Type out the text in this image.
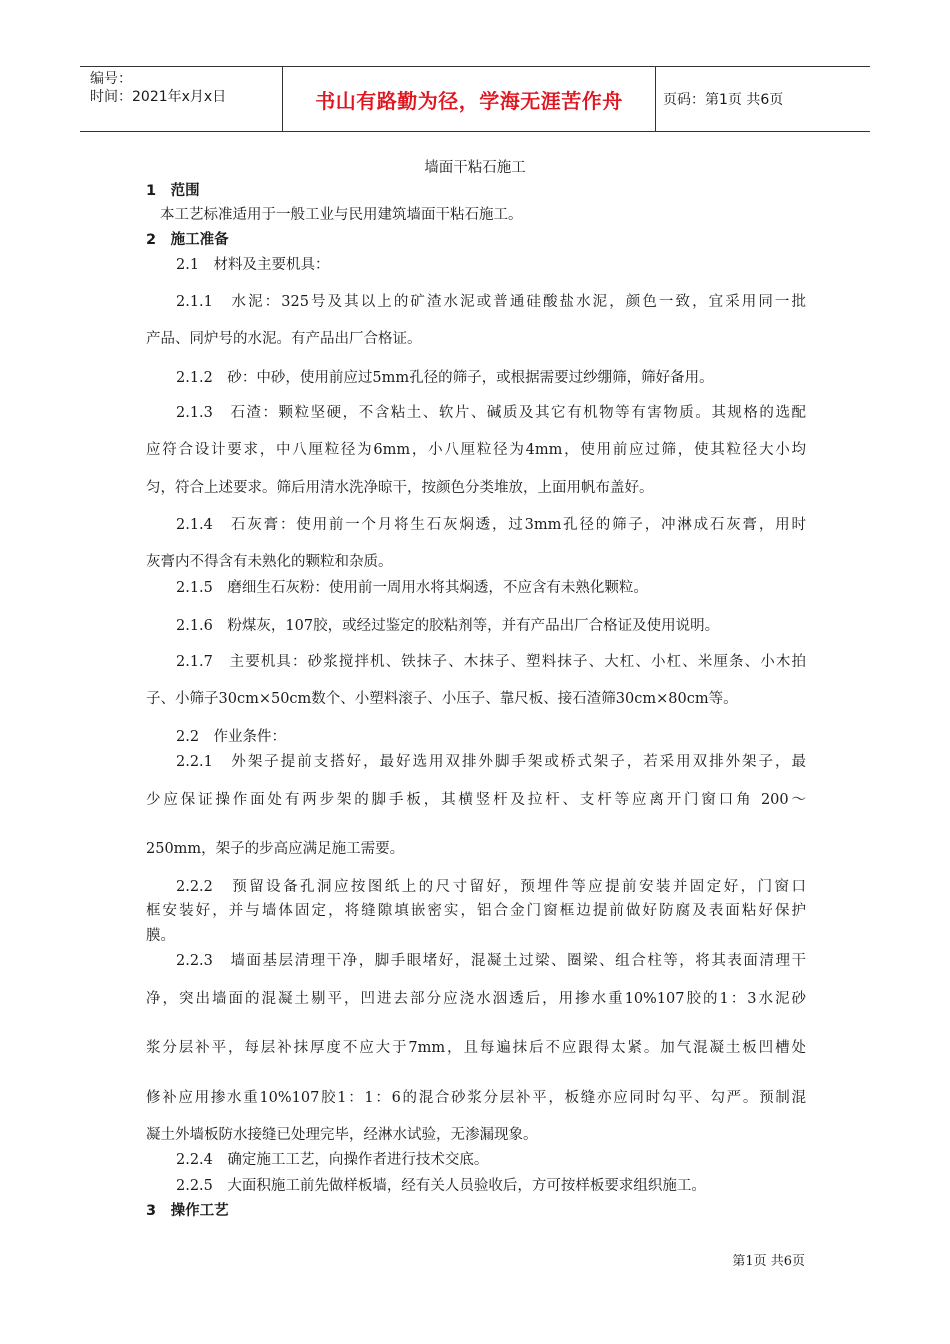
编号：
时间：2021年x月x日	书山有路勤为径，学海无涯苦作舟	页码：第1页 共6页
墙面干粘石施工
1　范围
本工艺标准适用于一般工业与民用建筑墙面干粘石施工。
2　施工准备
2.1　材料及主要机具：
2.1.1　水泥：325号及其以上的矿渣水泥或普通硅酸盐水泥，颜色一致，宜采用同一批
产品、同炉号的水泥。有产品出厂合格证。
2.1.2　砂：中砂，使用前应过5mm孔径的筛子，或根据需要过纱绷筛，筛好备用。
2.1.3　石渣：颗粒坚硬，不含粘土、软片、碱质及其它有机物等有害物质。其规格的选配
应符合设计要求，中八厘粒径为6mm，小八厘粒径为4mm，使用前应过筛，使其粒径大小均
匀，符合上述要求。筛后用清水洗净晾干，按颜色分类堆放，上面用帆布盖好。
2.1.4　石灰膏：使用前一个月将生石灰焖透，过3mm孔径的筛子，冲淋成石灰膏，用时
灰膏内不得含有未熟化的颗粒和杂质。
2.1.5　磨细生石灰粉：使用前一周用水将其焖透，不应含有未熟化颗粒。
2.1.6　粉煤灰，107胶，或经过鉴定的胶粘剂等，并有产品出厂合格证及使用说明。
2.1.7　主要机具：砂浆搅拌机、铁抹子、木抹子、塑料抹子、大杠、小杠、米厘条、小木拍
子、小筛子30cm×50cm数个、小塑料滚子、小压子、靠尺板、接石渣筛30cm×80cm等。
2.2　作业条件：
2.2.1　外架子提前支搭好，最好选用双排外脚手架或桥式架子，若采用双排外架子，最
少应保证操作面处有两步架的脚手板，其横竖杆及拉杆、支杆等应离开门窗口角 200～
250mm，架子的步高应满足施工需要。
2.2.2　预留设备孔洞应按图纸上的尺寸留好，预埋件等应提前安装并固定好，门窗口
框安装好，并与墙体固定，将缝隙填嵌密实，铝合金门窗框边提前做好防腐及表面粘好保护
膜。
2.2.3　墙面基层清理干净，脚手眼堵好，混凝土过梁、圈梁、组合柱等，将其表面清理干
净，突出墙面的混凝土剔平，凹进去部分应浇水洇透后，用掺水重10%107胶的1：3水泥砂
浆分层补平，每层补抹厚度不应大于7mm，且每遍抹后不应跟得太紧。加气混凝土板凹槽处
修补应用掺水重10%107胶1：1：6的混合砂浆分层补平，板缝亦应同时勾平、勾严。预制混
凝土外墙板防水接缝已处理完毕，经淋水试验，无渗漏现象。
2.2.4　确定施工工艺，向操作者进行技术交底。
2.2.5　大面积施工前先做样板墙，经有关人员验收后，方可按样板要求组织施工。
3　操作工艺
第1页 共6页
